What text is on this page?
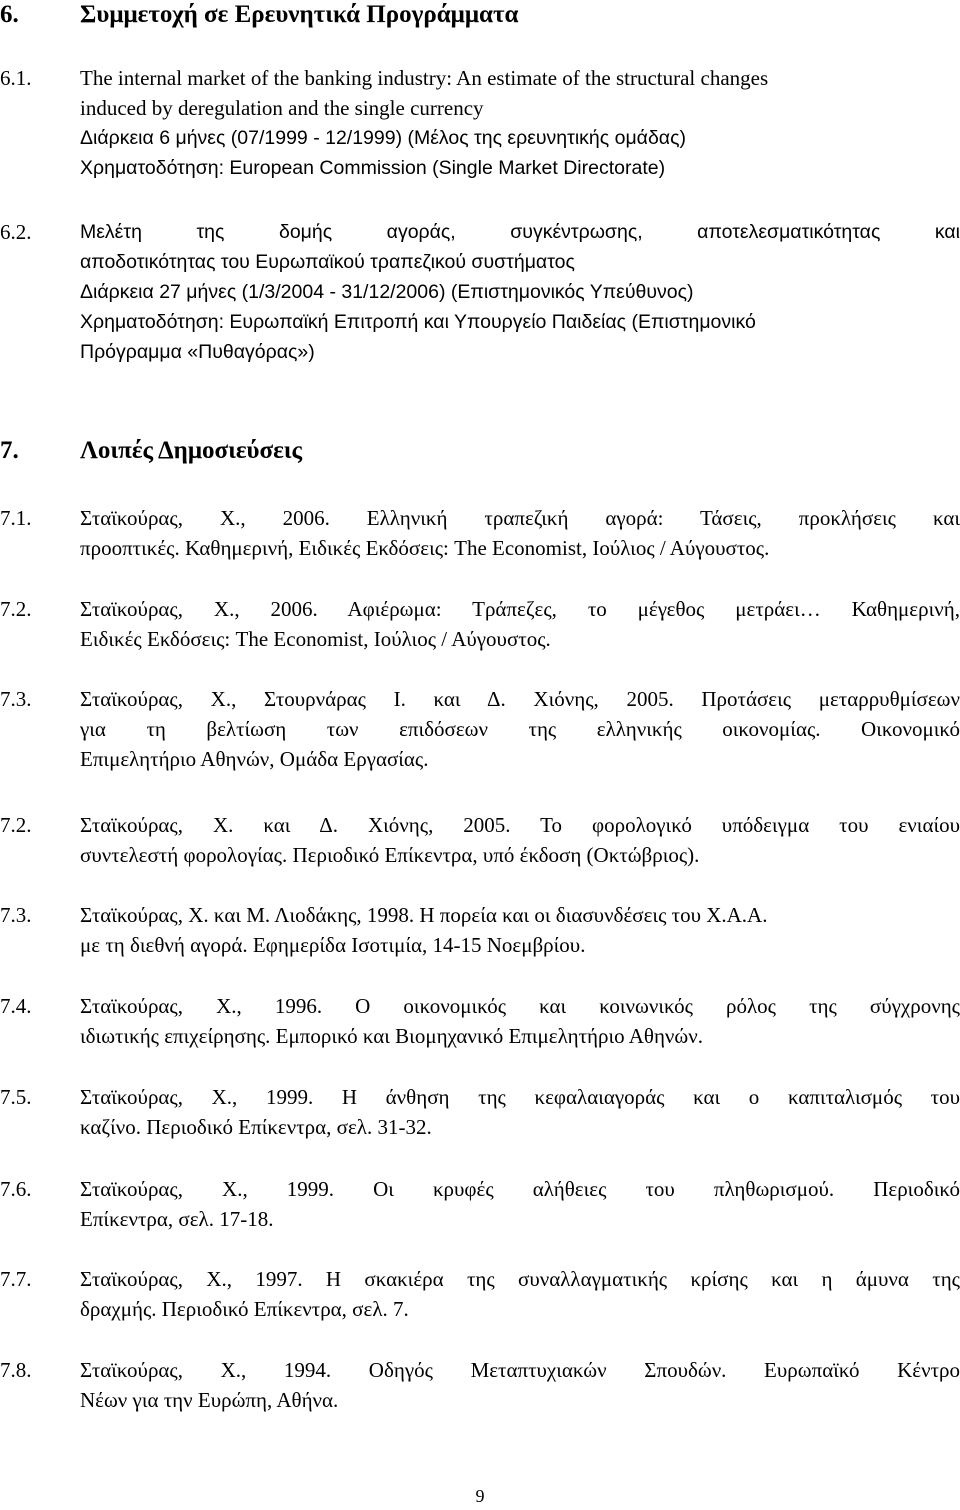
6. Συμμετοχή σε Ερευνητικά Προγράμματα
6.1.	The internal market of the banking industry: An estimate of the structural changes
induced by deregulation and the single currency
Διάρκεια 6 μήνες (07/1999 - 12/1999) (Μέλος της ερευνητικής ομάδας)
Χρηματοδότηση: European Commission (Single Market Directorate)
6.2.	Μελέτη της δομής αγοράς, συγκέντρωσης, αποτελεσματικότητας και
αποδοτικότητας του Ευρωπαϊκού τραπεζικού συστήματος
Διάρκεια 27 μήνες (1/3/2004 - 31/12/2006) (Επιστημονικός Υπεύθυνος)
Χρηματοδότηση: Ευρωπαϊκή Επιτροπή και Υπουργείο Παιδείας (Επιστημονικό
Πρόγραμμα «Πυθαγόρας»)
7. Λοιπές Δημοσιεύσεις
7.1.	Σταϊκούρας, Χ., 2006. Ελληνική τραπεζική αγορά: Τάσεις, προκλήσεις και
προοπτικές. Καθημερινή, Ειδικές Εκδόσεις: The Economist, Ιούλιος / Αύγουστος.
7.2.	Σταϊκούρας, Χ., 2006. Αφιέρωμα: Τράπεζες, το μέγεθος μετράει… Καθημερινή,
Ειδικές Εκδόσεις: The Economist, Ιούλιος / Αύγουστος.
7.3.	Σταϊκούρας, Χ., Στουρνάρας Ι. και Δ. Χιόνης, 2005. Προτάσεις μεταρρυθμίσεων
για τη βελτίωση των επιδόσεων της ελληνικής οικονομίας. Οικονομικό
Επιμελητήριο Αθηνών, Ομάδα Εργασίας.
7.2.	Σταϊκούρας, Χ. και Δ. Χιόνης, 2005. Το φορολογικό υπόδειγμα του ενιαίου
συντελεστή φορολογίας. Περιοδικό Επίκεντρα, υπό έκδοση (Οκτώβριος).
7.3.	Σταϊκούρας, Χ. και Μ. Λιοδάκης, 1998. Η πορεία και οι διασυνδέσεις του Χ.Α.Α.
με τη διεθνή αγορά. Εφημερίδα Ισοτιμία, 14-15 Νοεμβρίου.
7.4.	Σταϊκούρας, Χ., 1996. Ο οικονομικός και κοινωνικός ρόλος της σύγχρονης
ιδιωτικής επιχείρησης. Εμπορικό και Βιομηχανικό Επιμελητήριο Αθηνών.
7.5.	Σταϊκούρας, Χ., 1999. Η άνθηση της κεφαλαιαγοράς και ο καπιταλισμός του
καζίνο. Περιοδικό Επίκεντρα, σελ. 31-32.
7.6.	Σταϊκούρας, Χ., 1999. Οι κρυφές αλήθειες του πληθωρισμού. Περιοδικό
Επίκεντρα, σελ. 17-18.
7.7.	Σταϊκούρας, Χ., 1997. Η σκακιέρα της συναλλαγματικής κρίσης και η άμυνα της
δραχμής. Περιοδικό Επίκεντρα, σελ. 7.
7.8.	Σταϊκούρας, Χ., 1994. Οδηγός Μεταπτυχιακών Σπουδών. Ευρωπαϊκό Κέντρο
Νέων για την Ευρώπη, Αθήνα.
9
